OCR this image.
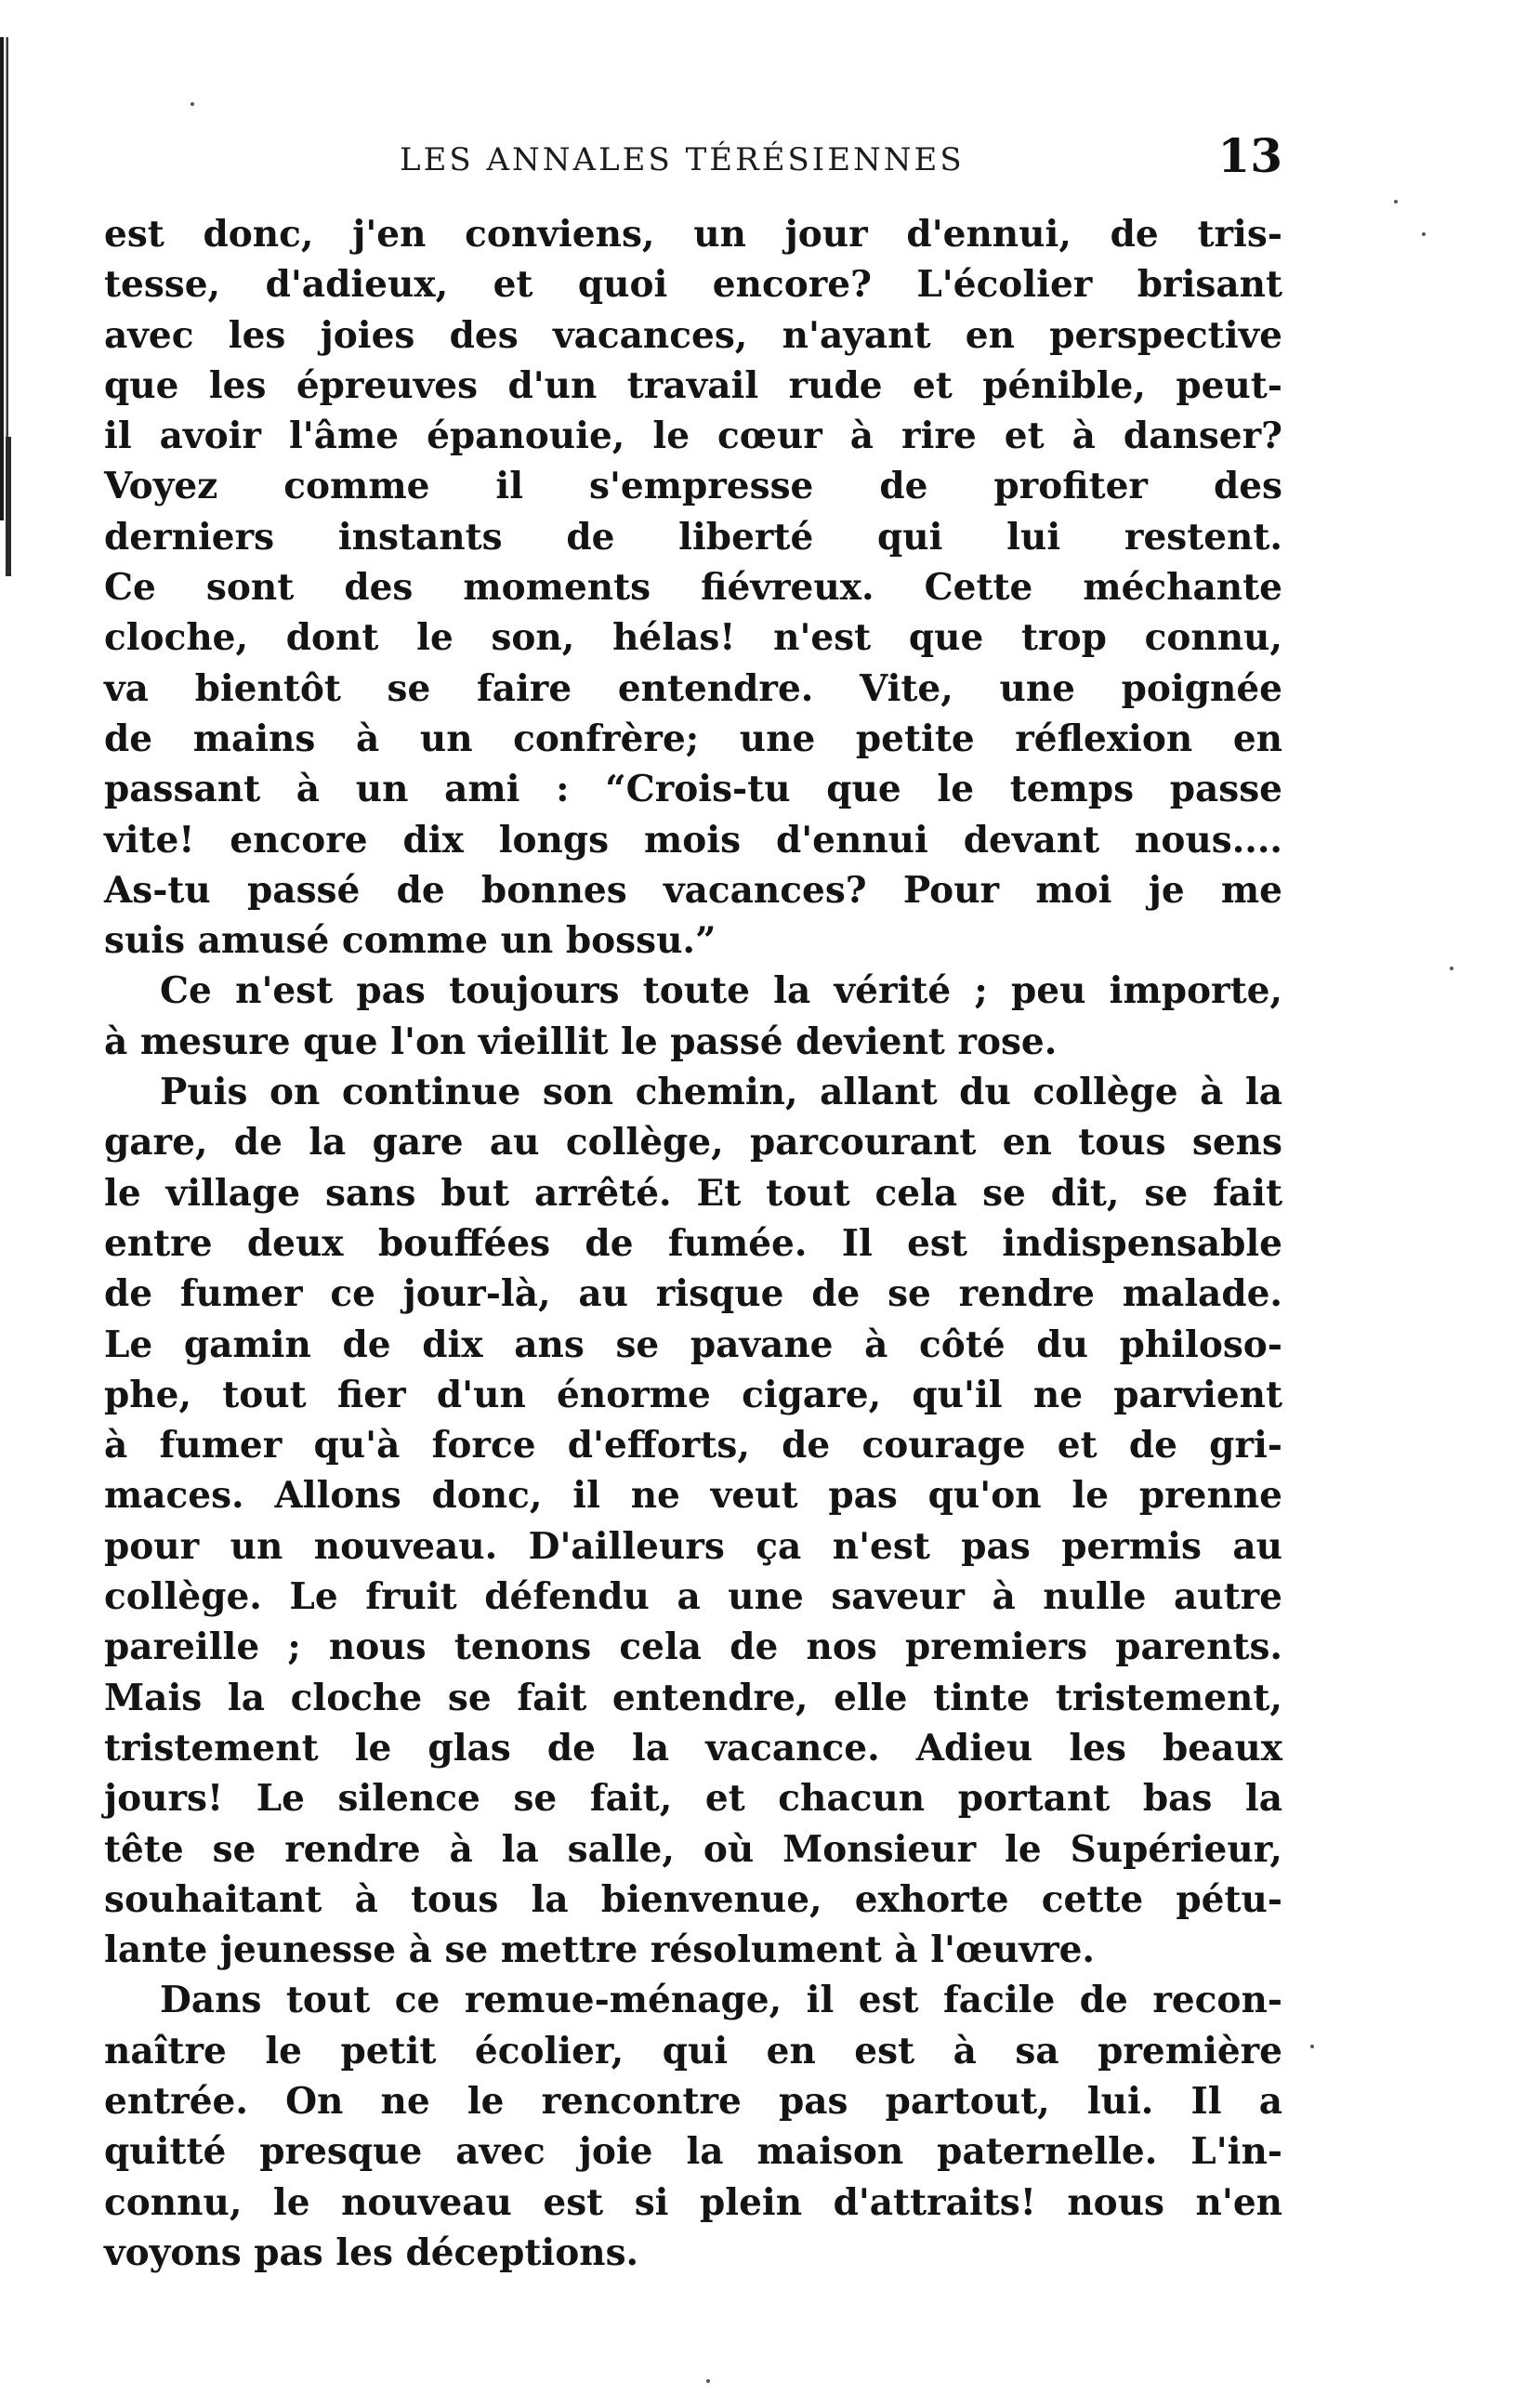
LES ANNALES TÉRÉSIENNES	13
est donc, j'en conviens, un jour d'ennui, de tris-
tesse, d'adieux, et quoi encore? L'écolier brisant
avec les joies des vacances, n'ayant en perspective
que les épreuves d'un travail rude et pénible, peut-
il avoir l'âme épanouie, le cœur à rire et à danser?
Voyez comme il s'empresse de profiter des
derniers instants de liberté qui lui restent.
Ce sont des moments fiévreux. Cette méchante
cloche, dont le son, hélas! n'est que trop connu,
va bientôt se faire entendre. Vite, une poignée
de mains à un confrère; une petite réflexion en
passant à un ami : “Crois-tu que le temps passe
vite! encore dix longs mois d'ennui devant nous....
As-tu passé de bonnes vacances? Pour moi je me
suis amusé comme un bossu.”
Ce n'est pas toujours toute la vérité ; peu importe,
à mesure que l'on vieillit le passé devient rose.
Puis on continue son chemin, allant du collège à la
gare, de la gare au collège, parcourant en tous sens
le village sans but arrêté. Et tout cela se dit, se fait
entre deux bouffées de fumée. Il est indispensable
de fumer ce jour-là, au risque de se rendre malade.
Le gamin de dix ans se pavane à côté du philoso-
phe, tout fier d'un énorme cigare, qu'il ne parvient
à fumer qu'à force d'efforts, de courage et de gri-
maces. Allons donc, il ne veut pas qu'on le prenne
pour un nouveau. D'ailleurs ça n'est pas permis au
collège. Le fruit défendu a une saveur à nulle autre
pareille ; nous tenons cela de nos premiers parents.
Mais la cloche se fait entendre, elle tinte tristement,
tristement le glas de la vacance. Adieu les beaux
jours! Le silence se fait, et chacun portant bas la
tête se rendre à la salle, où Monsieur le Supérieur,
souhaitant à tous la bienvenue, exhorte cette pétu-
lante jeunesse à se mettre résolument à l'œuvre.
Dans tout ce remue-ménage, il est facile de recon-
naître le petit écolier, qui en est à sa première
entrée. On ne le rencontre pas partout, lui. Il a
quitté presque avec joie la maison paternelle. L'in-
connu, le nouveau est si plein d'attraits! nous n'en
voyons pas les déceptions.
